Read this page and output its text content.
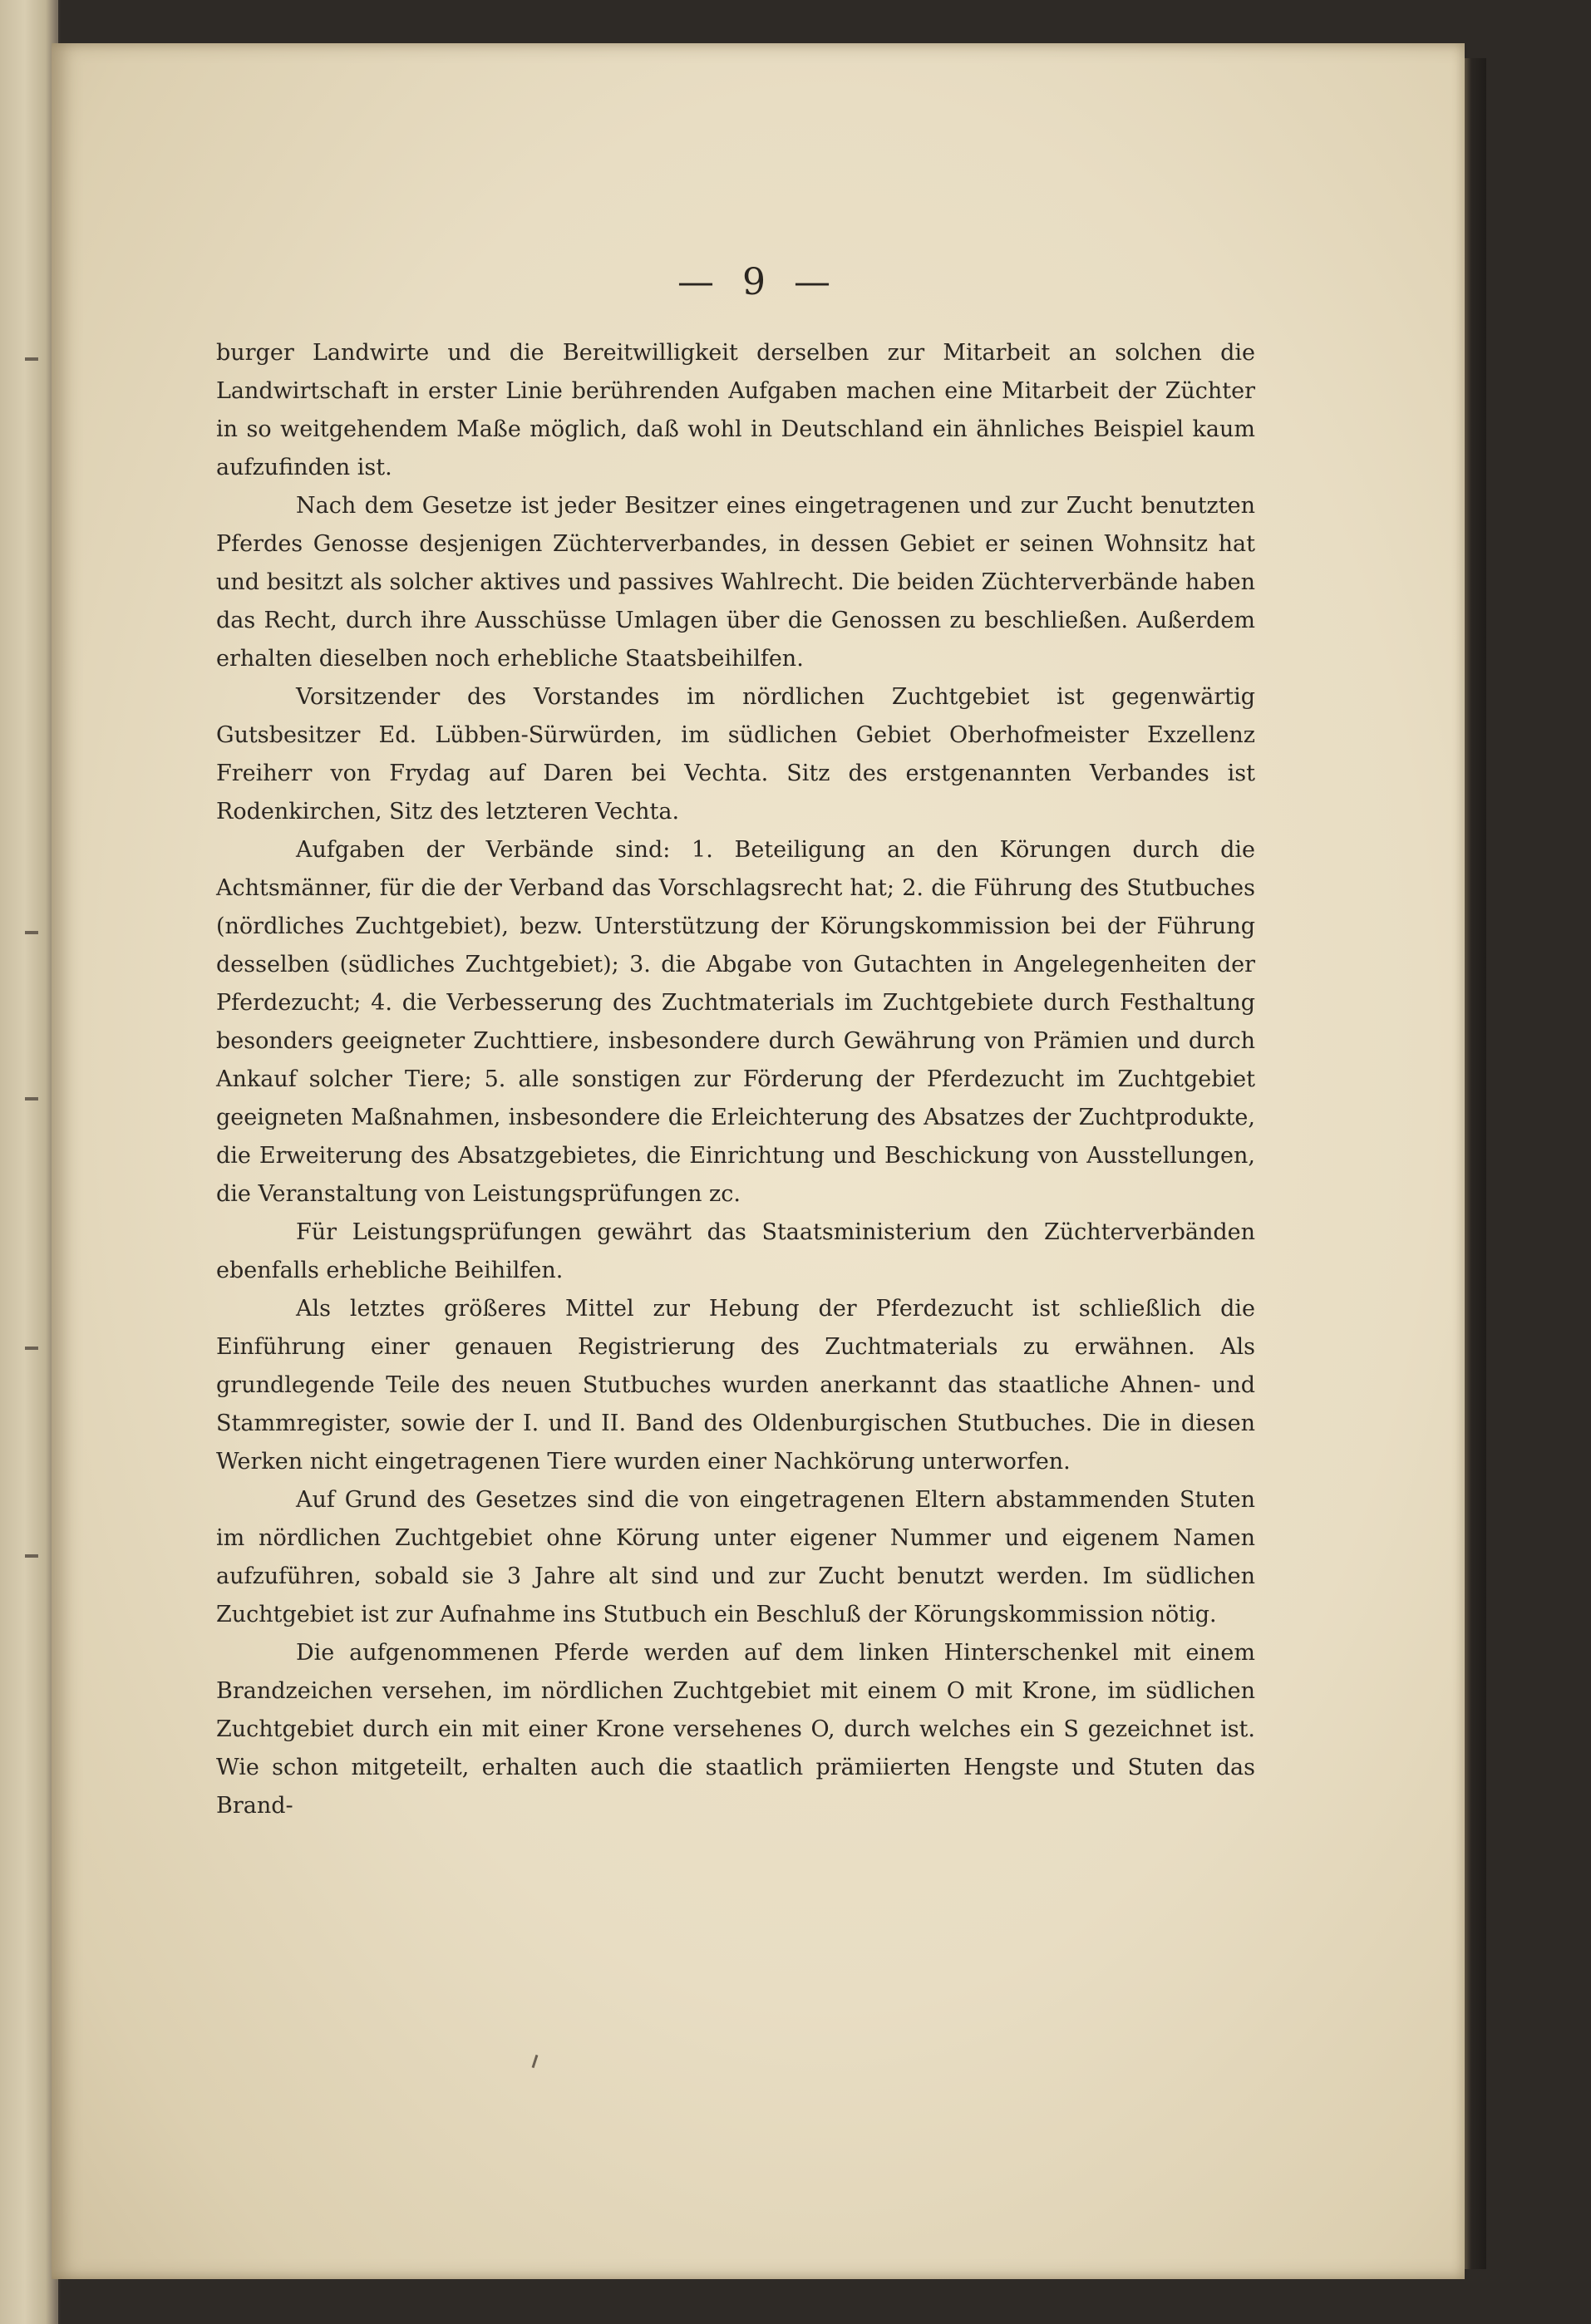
— 9 —

burger Landwirte und die Bereitwilligkeit derselben zur Mitarbeit an solchen die Landwirtschaft in erster Linie berührenden Aufgaben machen eine Mitarbeit der Züchter in so weitgehendem Maße möglich, daß wohl in Deutschland ein ähnliches Beispiel kaum aufzufinden ist.

Nach dem Gesetze ist jeder Besitzer eines eingetragenen und zur Zucht benutzten Pferdes Genosse desjenigen Züchterverbandes, in dessen Gebiet er seinen Wohnsitz hat und besitzt als solcher aktives und passives Wahlrecht. Die beiden Züchterverbände haben das Recht, durch ihre Ausschüsse Umlagen über die Genossen zu beschließen. Außerdem erhalten dieselben noch erhebliche Staatsbeihilfen.

Vorsitzender des Vorstandes im nördlichen Zuchtgebiet ist gegenwärtig Gutsbesitzer Ed. Lübben-Sürwürden, im südlichen Gebiet Oberhofmeister Exzellenz Freiherr von Frydag auf Daren bei Vechta. Sitz des erstgenannten Verbandes ist Rodenkirchen, Sitz des letzteren Vechta.

Aufgaben der Verbände sind: 1. Beteiligung an den Körungen durch die Achtsmänner, für die der Verband das Vorschlagsrecht hat; 2. die Führung des Stutbuches (nördliches Zuchtgebiet), bezw. Unterstützung der Körungskommission bei der Führung desselben (südliches Zuchtgebiet); 3. die Abgabe von Gutachten in Angelegenheiten der Pferdezucht; 4. die Verbesserung des Zuchtmaterials im Zuchtgebiete durch Festhaltung besonders geeigneter Zuchttiere, insbesondere durch Gewährung von Prämien und durch Ankauf solcher Tiere; 5. alle sonstigen zur Förderung der Pferdezucht im Zuchtgebiet geeigneten Maßnahmen, insbesondere die Erleichterung des Absatzes der Zuchtprodukte, die Erweiterung des Absatzgebietes, die Einrichtung und Beschickung von Ausstellungen, die Veranstaltung von Leistungsprüfungen zc.

Für Leistungsprüfungen gewährt das Staatsministerium den Züchterverbänden ebenfalls erhebliche Beihilfen.

Als letztes größeres Mittel zur Hebung der Pferdezucht ist schließlich die Einführung einer genauen Registrierung des Zuchtmaterials zu erwähnen. Als grundlegende Teile des neuen Stutbuches wurden anerkannt das staatliche Ahnen- und Stammregister, sowie der I. und II. Band des Oldenburgischen Stutbuches. Die in diesen Werken nicht eingetragenen Tiere wurden einer Nachkörung unterworfen.

Auf Grund des Gesetzes sind die von eingetragenen Eltern abstammenden Stuten im nördlichen Zuchtgebiet ohne Körung unter eigener Nummer und eigenem Namen aufzuführen, sobald sie 3 Jahre alt sind und zur Zucht benutzt werden. Im südlichen Zuchtgebiet ist zur Aufnahme ins Stutbuch ein Beschluß der Körungskommission nötig.

Die aufgenommenen Pferde werden auf dem linken Hinterschenkel mit einem Brandzeichen versehen, im nördlichen Zuchtgebiet mit einem O mit Krone, im südlichen Zuchtgebiet durch ein mit einer Krone versehenes O, durch welches ein S gezeichnet ist. Wie schon mitgeteilt, erhalten auch die staatlich prämiierten Hengste und Stuten das Brand-
